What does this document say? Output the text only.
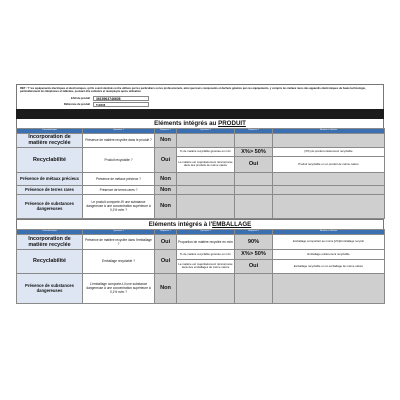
REP : Y' les équipements électriques et électroniques, qu'ils soient destinés à être utilisés par les particuliers ou les professionnels, ainsi que leurs composants et déchets générés par ces équipements, y compris les métaux rares des appareils électroniques de haute technologie, particulièrement les téléphones et tablettes, pouvant être collectés et réemployés après utilisation
EAN du produit	3615963746608
Référence du produit	TH0008
Eléments intégrés au PRODUIT
Caractéristique	Question 1	Réponse 1	Question 2	Réponse 2	Mention à afficher
Incorporation de matière recyclée	Présence de matière recyclée dans le produit ?	Non			
Recyclabilité	Produit recyclable ?	Oui	% de matière recyclable générée en m/m	X%> 50%	[X%] du produit entièrement recyclable
			La matière est majoritairement réincorporée dans des produits de même nature	Oui	Produit recyclable en un produit de même nature
Présence de métaux précieux	Présence de métaux précieux ?	Non			
Présence de terres rares	Présence de terres rares ?	Non			
Présence de substances dangereuses	Le produit comporte-t'il une substance dangereuse à une concentration supérieure à 0,1% m/m ?	Non			
Eléments intégrés à l'EMBALLAGE
Caractéristique	Question 1	Réponse 1	Question 2	Réponse 2	Mention à afficher
Incorporation de matière recyclée	Présence de matière recyclée dans l'emballage ?	Oui	Proportion de matière recyclée en m/m	90%	Emballage comportant au moins [x%]d'emballage recyclé
Recyclabilité	Emballage recyclable ?	Oui	% de matière recyclable générée en m/m	X%> 50%	Emballage entièrement recyclable
			La matière est majoritairement réincorporée dans des emballages de même nature	Oui	Emballage recyclable en un emballage de même nature
Présence de substances dangereuses	L'emballage comporte-t-il une substance dangereuse à une concentration supérieure à 0,1% m/m ?	Non			
